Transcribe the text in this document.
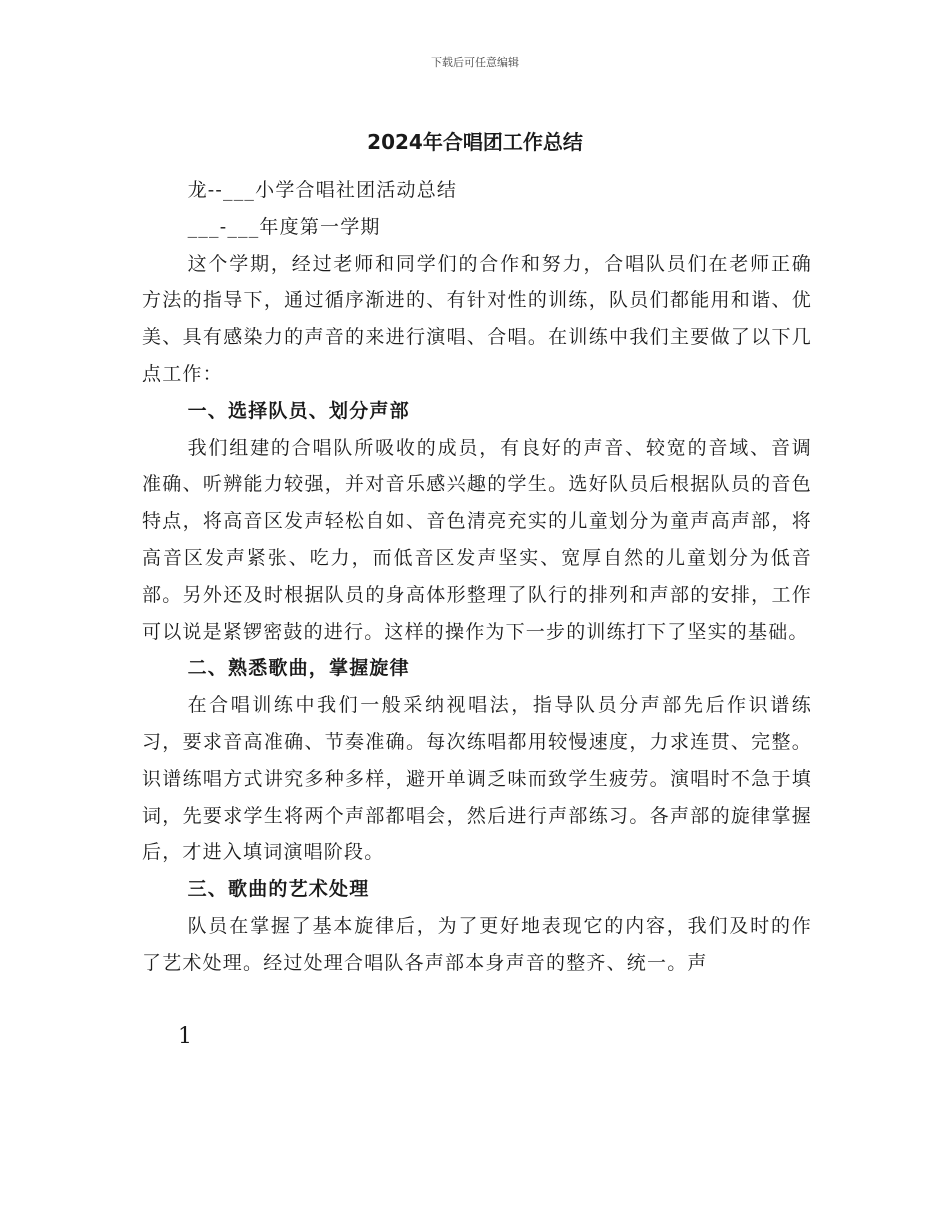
下载后可任意编辑
2024年合唱团工作总结

龙--___小学合唱社团活动总结

___-___年度第一学期

这个学期，经过老师和同学们的合作和努力，合唱队员们在老师正确方法的指导下，通过循序渐进的、有针对性的训练，队员们都能用和谐、优美、具有感染力的声音的来进行演唱、合唱。在训练中我们主要做了以下几点工作：

一、选择队员、划分声部

我们组建的合唱队所吸收的成员，有良好的声音、较宽的音域、音调准确、听辨能力较强，并对音乐感兴趣的学生。选好队员后根据队员的音色特点，将高音区发声轻松自如、音色清亮充实的儿童划分为童声高声部，将高音区发声紧张、吃力，而低音区发声坚实、宽厚自然的儿童划分为低音部。另外还及时根据队员的身高体形整理了队行的排列和声部的安排，工作可以说是紧锣密鼓的进行。这样的操作为下一步的训练打下了坚实的基础。

二、熟悉歌曲，掌握旋律

在合唱训练中我们一般采纳视唱法，指导队员分声部先后作识谱练习，要求音高准确、节奏准确。每次练唱都用较慢速度，力求连贯、完整。识谱练唱方式讲究多种多样，避开单调乏味而致学生疲劳。演唱时不急于填词，先要求学生将两个声部都唱会，然后进行声部练习。各声部的旋律掌握后，才进入填词演唱阶段。

三、歌曲的艺术处理

队员在掌握了基本旋律后，为了更好地表现它的内容，我们及时的作了艺术处理。经过处理合唱队各声部本身声音的整齐、统一。声

1
